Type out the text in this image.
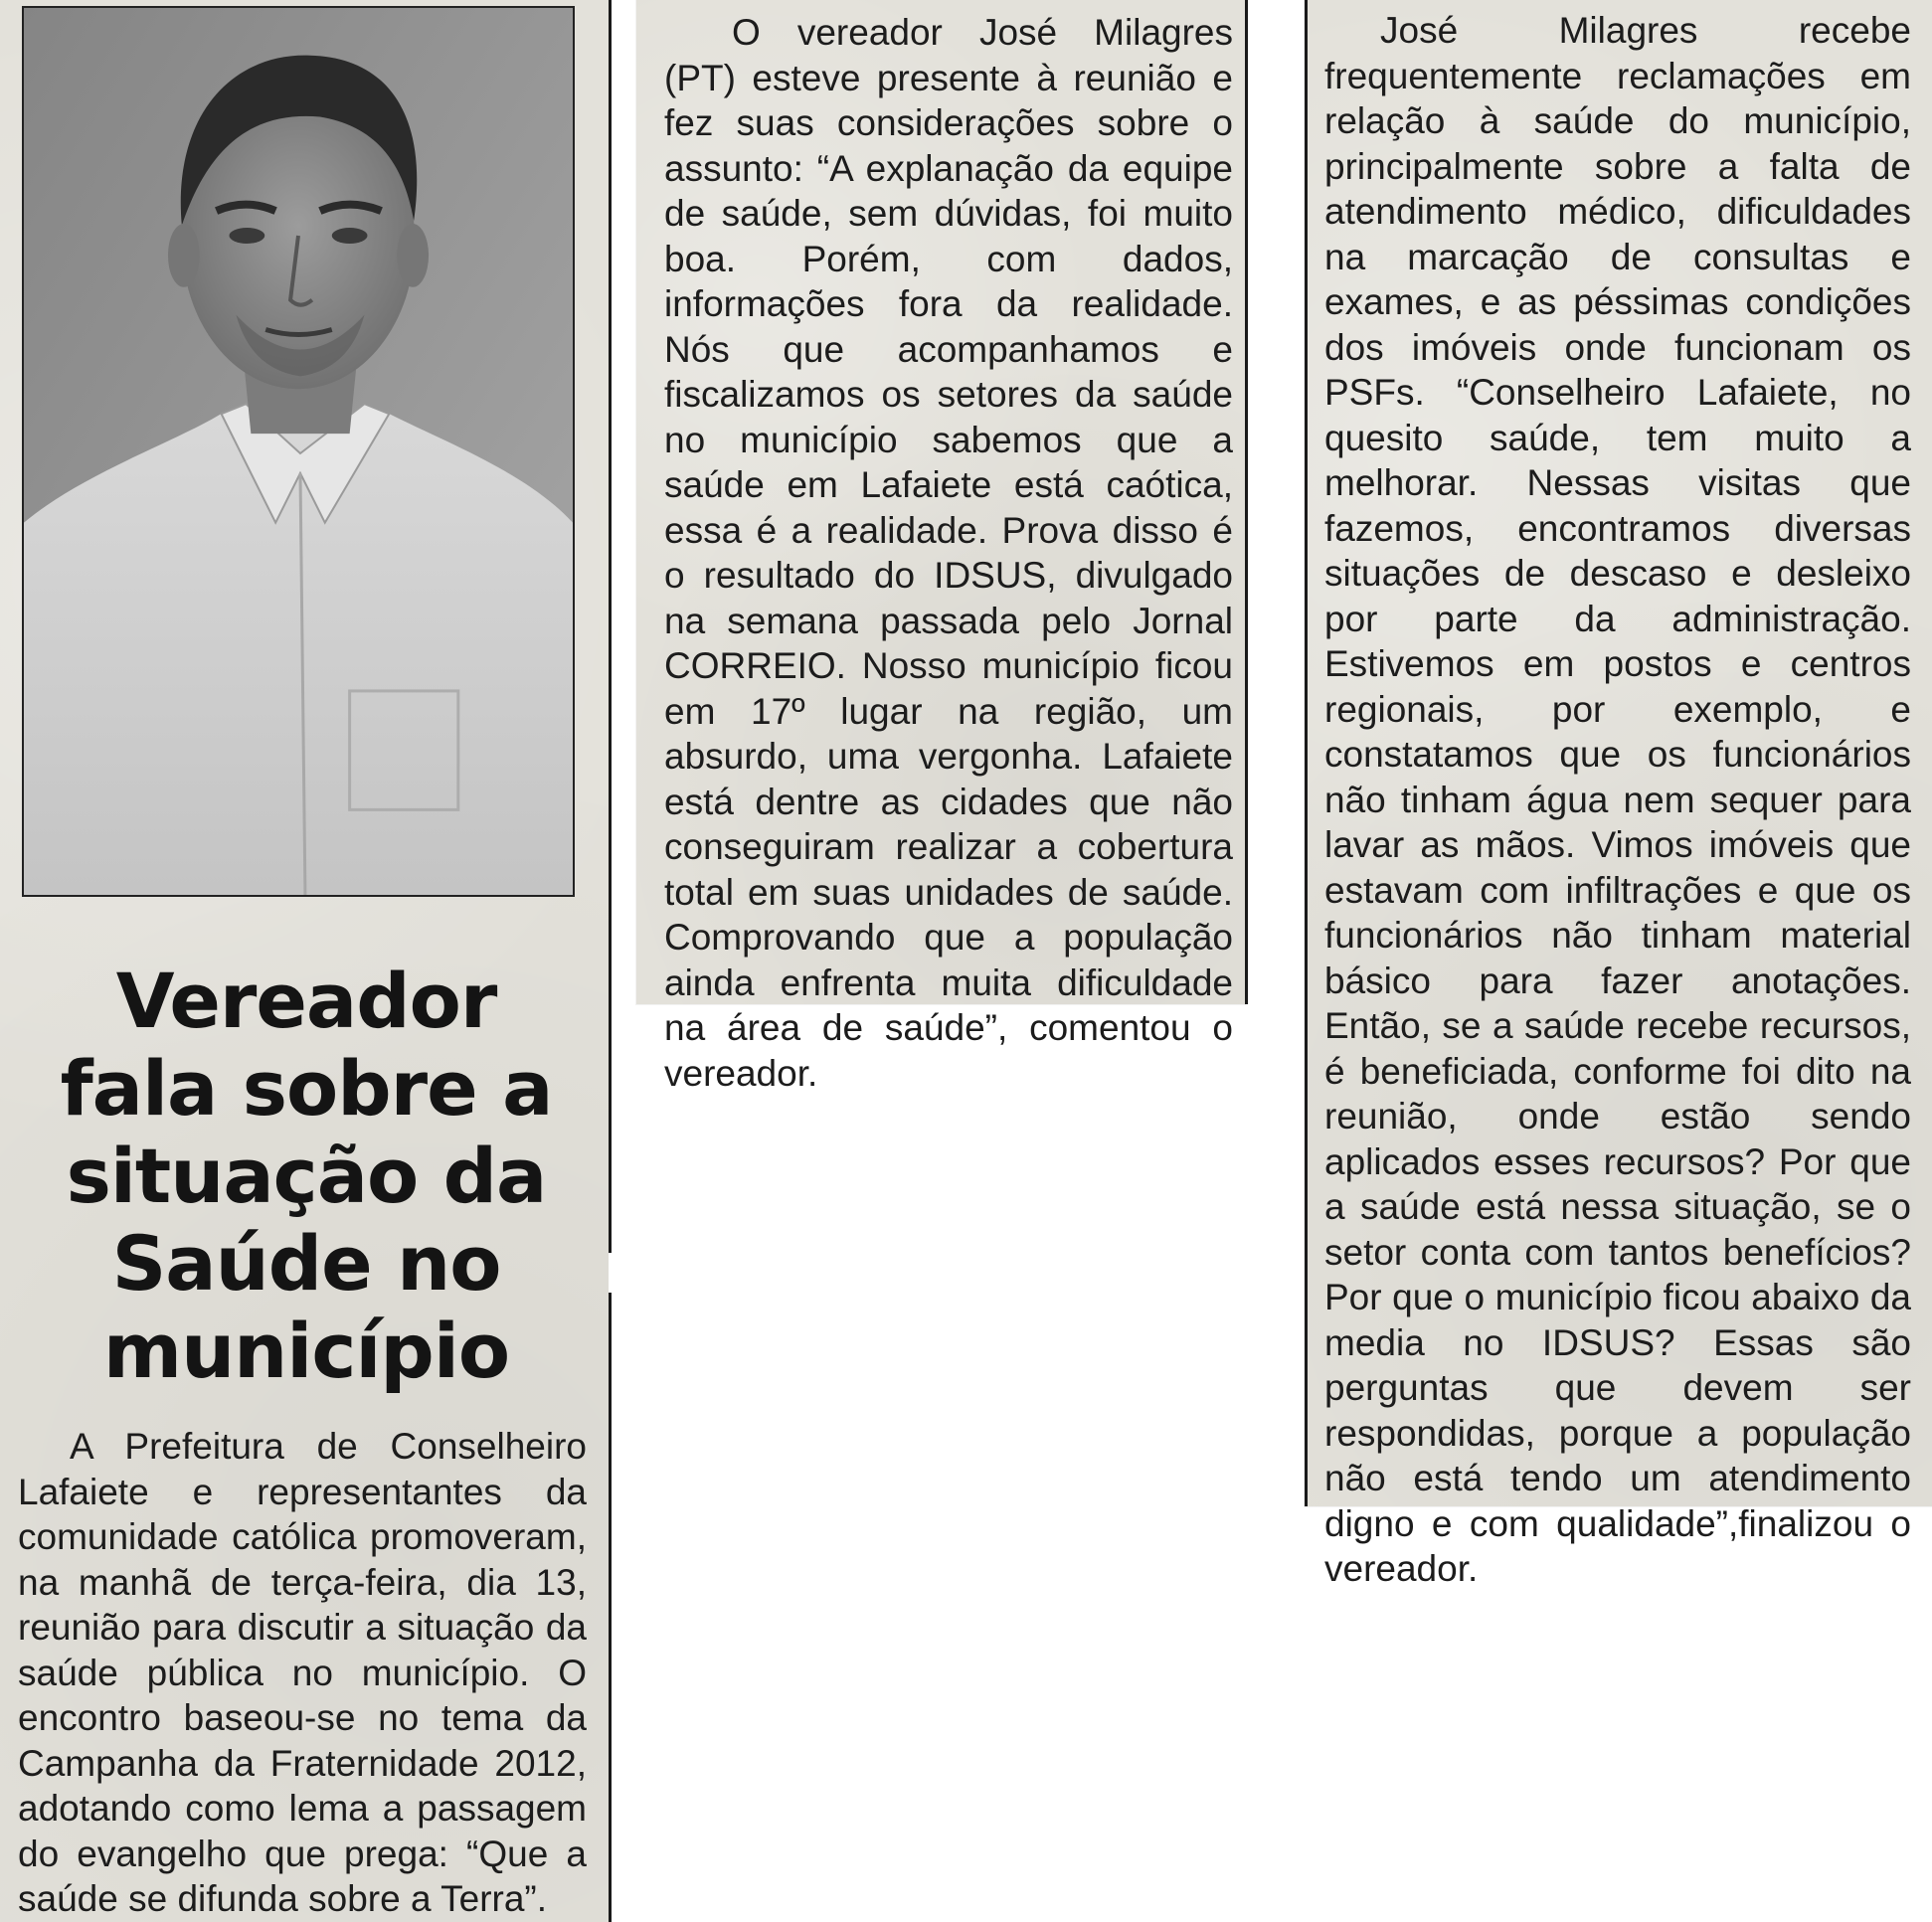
Vereador
fala sobre a
situação da
Saúde no
município

A Prefeitura de Conselheiro Lafaiete e representantes da comunidade católica promoveram, na manhã de terça-feira, dia 13, reunião para discutir a situação da saúde pública no município. O encontro baseou-se no tema da Campanha da Fraternidade 2012, adotando como lema a passagem do evangelho que prega: “Que a saúde se difunda sobre a Terra”.

O vereador José Milagres (PT) esteve presente à reunião e fez suas considerações sobre o assunto: “A explanação da equipe de saúde, sem dúvidas, foi muito boa. Porém, com dados, informações fora da realidade. Nós que acompanhamos e fiscalizamos os setores da saúde no município sabemos que a saúde em Lafaiete está caótica, essa é a realidade. Prova disso é o resultado do IDSUS, divulgado na semana passada pelo Jornal CORREIO. Nosso município ficou em 17º lugar na região, um absurdo, uma vergonha. Lafaiete está dentre as cidades que não conseguiram realizar a cobertura total em suas unidades de saúde. Comprovando que a população ainda enfrenta muita dificuldade na área de saúde”, comentou o vereador.

José Milagres recebe frequentemente reclamações em relação à saúde do município, principalmente sobre a falta de atendimento médico, dificuldades na marcação de consultas e exames, e as péssimas condições dos imóveis onde funcionam os PSFs. “Conselheiro Lafaiete, no quesito saúde, tem muito a melhorar. Nessas visitas que fazemos, encontramos diversas situações de descaso e desleixo por parte da administração. Estivemos em postos e centros regionais, por exemplo, e constatamos que os funcionários não tinham água nem sequer para lavar as mãos. Vimos imóveis que estavam com infiltrações e que os funcionários não tinham material básico para fazer anotações. Então, se a saúde recebe recursos, é beneficiada, conforme foi dito na reunião, onde estão sendo aplicados esses recursos? Por que a saúde está nessa situação, se o setor conta com tantos benefícios? Por que o município ficou abaixo da media no IDSUS? Essas são perguntas que devem ser respondidas, porque a população não está tendo um atendimento digno e com qualidade”,finalizou o vereador.
